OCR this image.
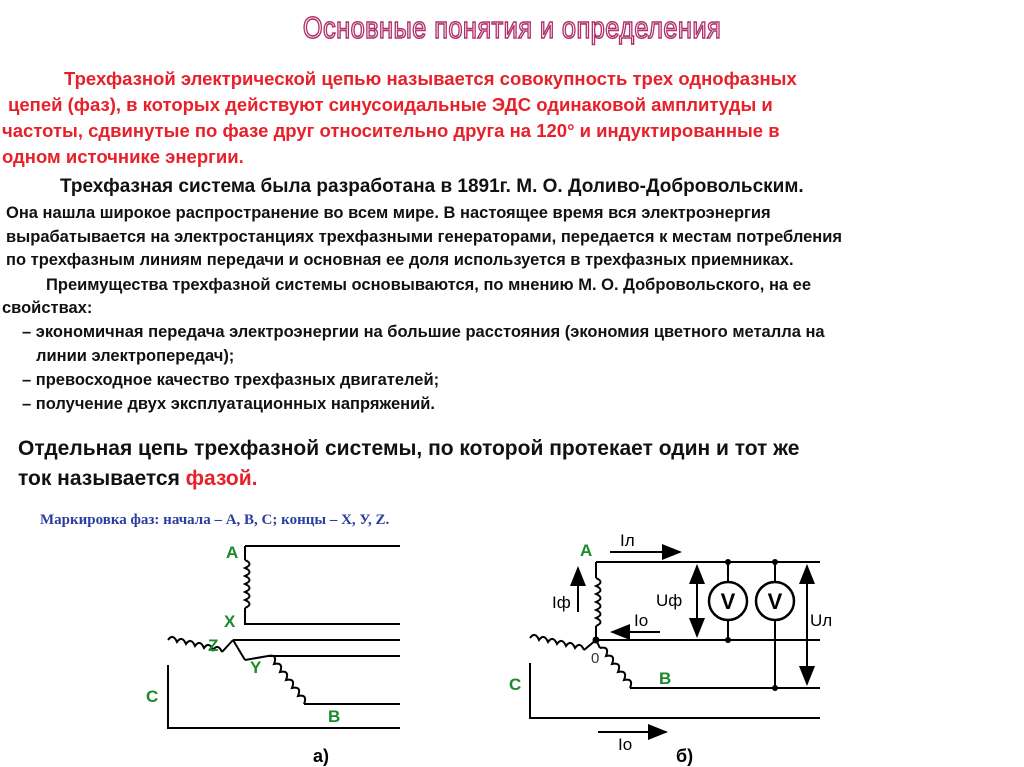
Основные понятия и определения
Трехфазной электрической цепью называется совокупность трех однофазных
цепей (фаз), в которых действуют синусоидальные ЭДС одинаковой амплитуды и
частоты, сдвинутые по фазе друг относительно друга на 120° и индуктированные в
одном источнике энергии.
Трехфазная система была разработана в 1891г. М. О. Доливо-Добровольским.
Она нашла широкое распространение во всем мире. В настоящее время вся электроэнергия
вырабатывается на электростанциях трехфазными генераторами, передается к местам потребления
по трехфазным линиям передачи и основная ее доля используется в трехфазных приемниках.
Преимущества трехфазной системы основываются, по мнению М. О. Добровольского, на ее
свойствах:
– экономичная передача электроэнергии на большие расстояния (экономия цветного металла на
линии электропередач);
– превосходное качество трехфазных двигателей;
– получение двух эксплуатационных напряжений.
Отдельная цепь трехфазной системы, по которой протекает один и тот же
ток называется фазой.
Маркировка фаз: начала – А, В, С; концы – Х, У, Z.
A
X
Z
Y
C
B
а)
V V
A
C	B
0
Iл
Iф	Uф
Uл
Iо
Iо
б)
